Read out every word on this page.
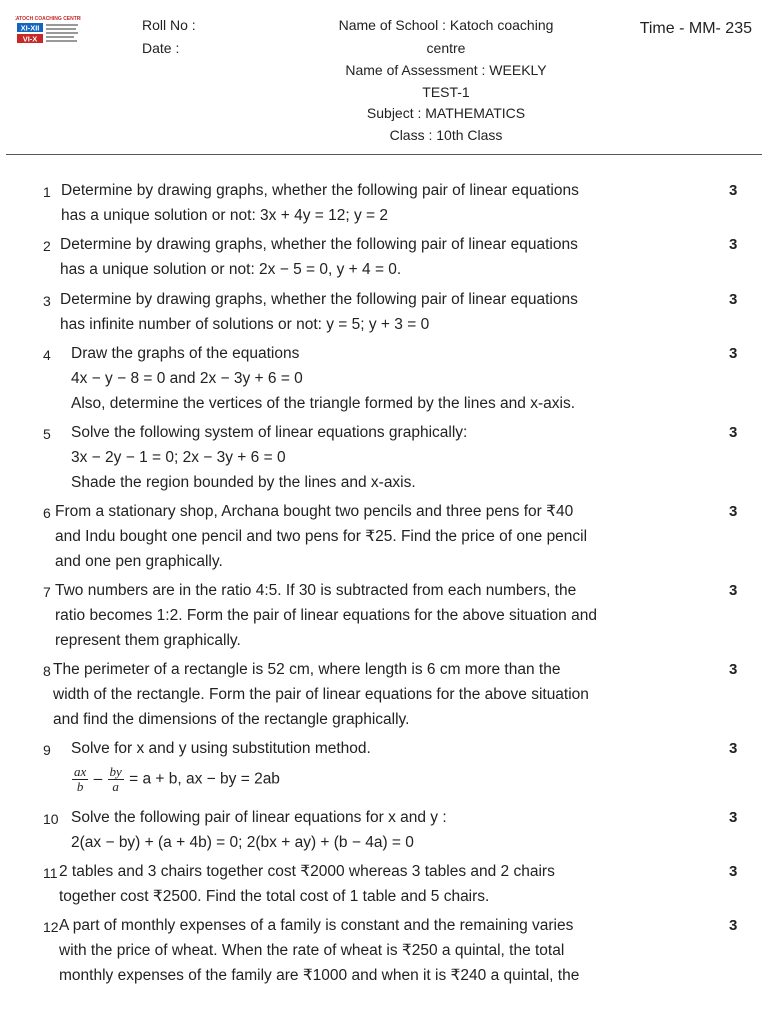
KATOCH COACHING CENTRE
XI-XII
VI-X
Roll No :
Date :
Name of School : Katoch coaching
centre
Name of Assessment : WEEKLY
TEST-1
Subject : MATHEMATICS
Class : 10th Class
Time - MM- 235
1 Determine by drawing graphs, whether the following pair of linear equations
has a unique solution or not: 3x + 4y = 12; y = 2
3
2 Determine by drawing graphs, whether the following pair of linear equations
has a unique solution or not: 2x − 5 = 0, y + 4 = 0.
3
3 Determine by drawing graphs, whether the following pair of linear equations
has infinite number of solutions or not: y = 5; y + 3 = 0
3
4 Draw the graphs of the equations
4x − y − 8 = 0 and 2x − 3y + 6 = 0
Also, determine the vertices of the triangle formed by the lines and x-axis.
3
5 Solve the following system of linear equations graphically:
3x − 2y − 1 = 0; 2x − 3y + 6 = 0
Shade the region bounded by the lines and x-axis.
3
6 From a stationary shop, Archana bought two pencils and three pens for ₹40
and Indu bought one pencil and two pens for ₹25. Find the price of one pencil
and one pen graphically.
3
7 Two numbers are in the ratio 4:5. If 30 is subtracted from each numbers, the
ratio becomes 1:2. Form the pair of linear equations for the above situation and
represent them graphically.
3
8 The perimeter of a rectangle is 52 cm, where length is 6 cm more than the
width of the rectangle. Form the pair of linear equations for the above situation
and find the dimensions of the rectangle graphically.
3
9 Solve for x and y using substitution method.
$\frac{ax}{b} - \frac{by}{a} = a + b$, ax − by = 2ab
3
10 Solve the following pair of linear equations for x and y :
2(ax − by) + (a + 4b) = 0; 2(bx + ay) + (b − 4a) = 0
3
11 2 tables and 3 chairs together cost ₹2000 whereas 3 tables and 2 chairs
together cost ₹2500. Find the total cost of 1 table and 5 chairs.
3
12 A part of monthly expenses of a family is constant and the remaining varies
with the price of wheat. When the rate of wheat is ₹250 a quintal, the total
monthly expenses of the family are ₹1000 and when it is ₹240 a quintal, the
3
